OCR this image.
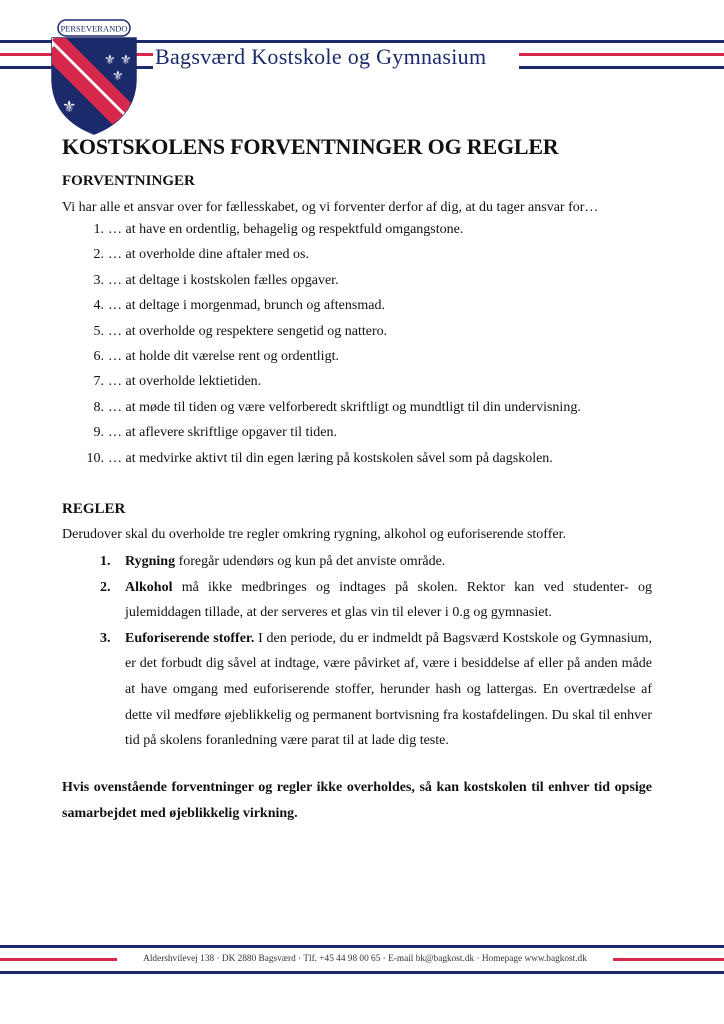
Bagsværd Kostskole og Gymnasium
⚜ ⚜
⚜
⚜
PERSEVERANDO
KOSTSKOLENS FORVENTNINGER OG REGLER
FORVENTNINGER

Vi har alle et ansvar over for fællesskabet, og vi forventer derfor af dig, at du tager ansvar for…

1. … at have en ordentlig, behagelig og respektfuld omgangstone.
2. … at overholde dine aftaler med os.
3. … at deltage i kostskolen fælles opgaver.
4. … at deltage i morgenmad, brunch og aftensmad.
5. … at overholde og respektere sengetid og nattero.
6. … at holde dit værelse rent og ordentligt.
7. … at overholde lektietiden.
8. … at møde til tiden og være velforberedt skriftligt og mundtligt til din undervisning.
9. … at aflevere skriftlige opgaver til tiden.
10. … at medvirke aktivt til din egen læring på kostskolen såvel som på dagskolen.
REGLER

Derudover skal du overholde tre regler omkring rygning, alkohol og euforiserende stoffer.

1.	Rygning foregår udendørs og kun på det anviste område.
2.	Alkohol må ikke medbringes og indtages på skolen. Rektor kan ved studenter- og julemiddagen tillade, at der serveres et glas vin til elever i 0.g og gymnasiet.
3.	Euforiserende stoffer. I den periode, du er indmeldt på Bagsværd Kostskole og Gymnasium, er det forbudt dig såvel at indtage, være påvirket af, være i besiddelse af eller på anden måde at have omgang med euforiserende stoffer, herunder hash og lattergas. En overtrædelse af dette vil medføre øjeblikkelig og permanent bortvisning fra kostafdelingen. Du skal til enhver tid på skolens foranledning være parat til at lade dig teste.

Hvis ovenstående forventninger og regler ikke overholdes, så kan kostskolen til enhver tid opsige samarbejdet med øjeblikkelig virkning.

Aldershvilevej 138 · DK 2880 Bagsværd · Tlf. +45 44 98 00 65 · E-mail bk@bagkost.dk · Homepage www.bagkost.dk
